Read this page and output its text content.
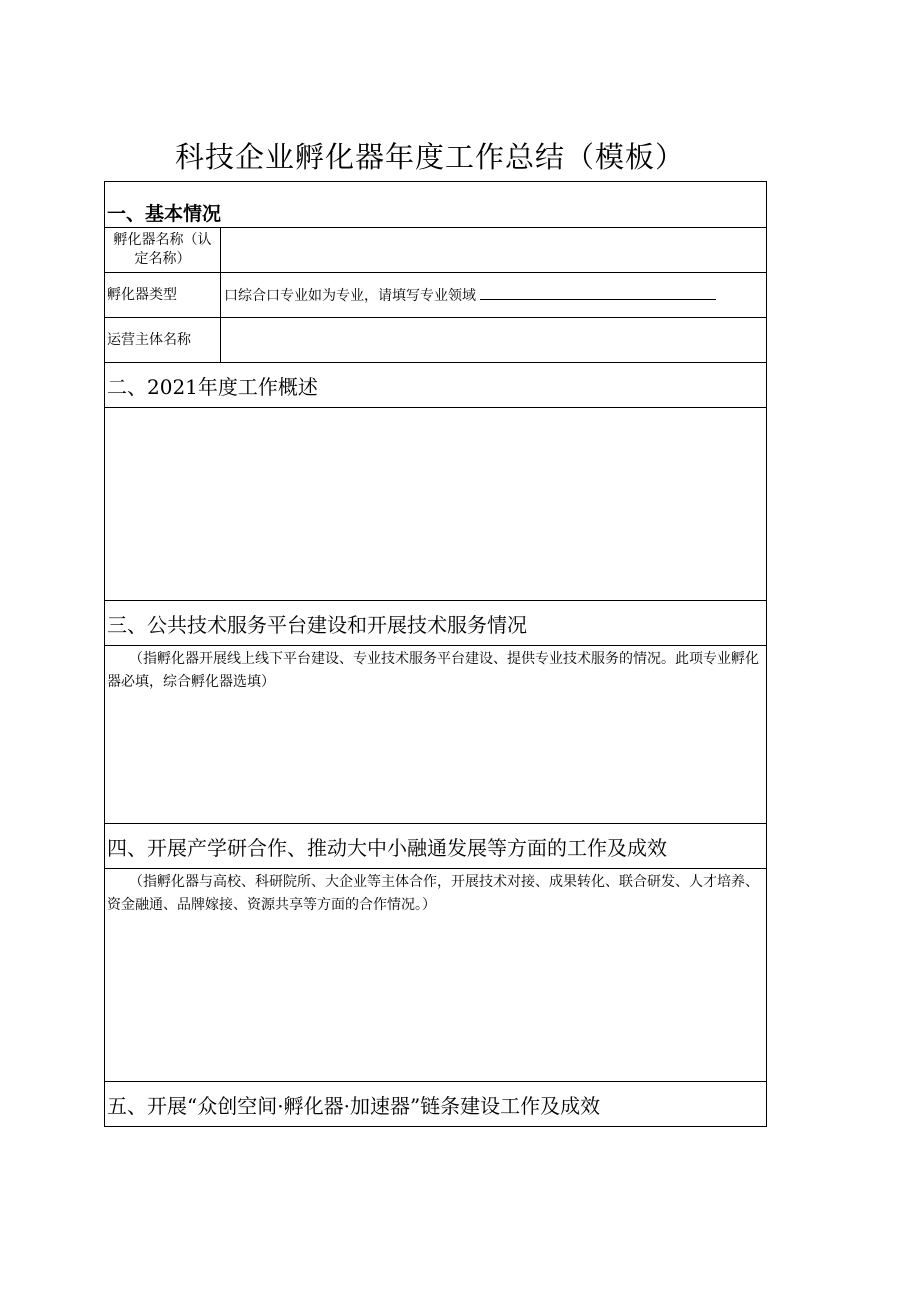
科技企业孵化器年度工作总结（模板）
一、基本情况	
孵化器名称（认定名称）	
孵化器类型	口综合口专业如为专业，请填写专业领域
运营主体名称	
二、2021年度工作概述	

三、公共技术服务平台建设和开展技术服务情况	
（指孵化器开展线上线下平台建设、专业技术服务平台建设、提供专业技术服务的情况。此项专业孵化器必填，综合孵化器选填）	
四、开展产学研合作、推动大中小融通发展等方面的工作及成效	
（指孵化器与高校、科研院所、大企业等主体合作，开展技术对接、成果转化、联合研发、人才培养、资金融通、品牌嫁接、资源共享等方面的合作情况。）	
五、开展“众创空间·孵化器·加速器”链条建设工作及成效	
